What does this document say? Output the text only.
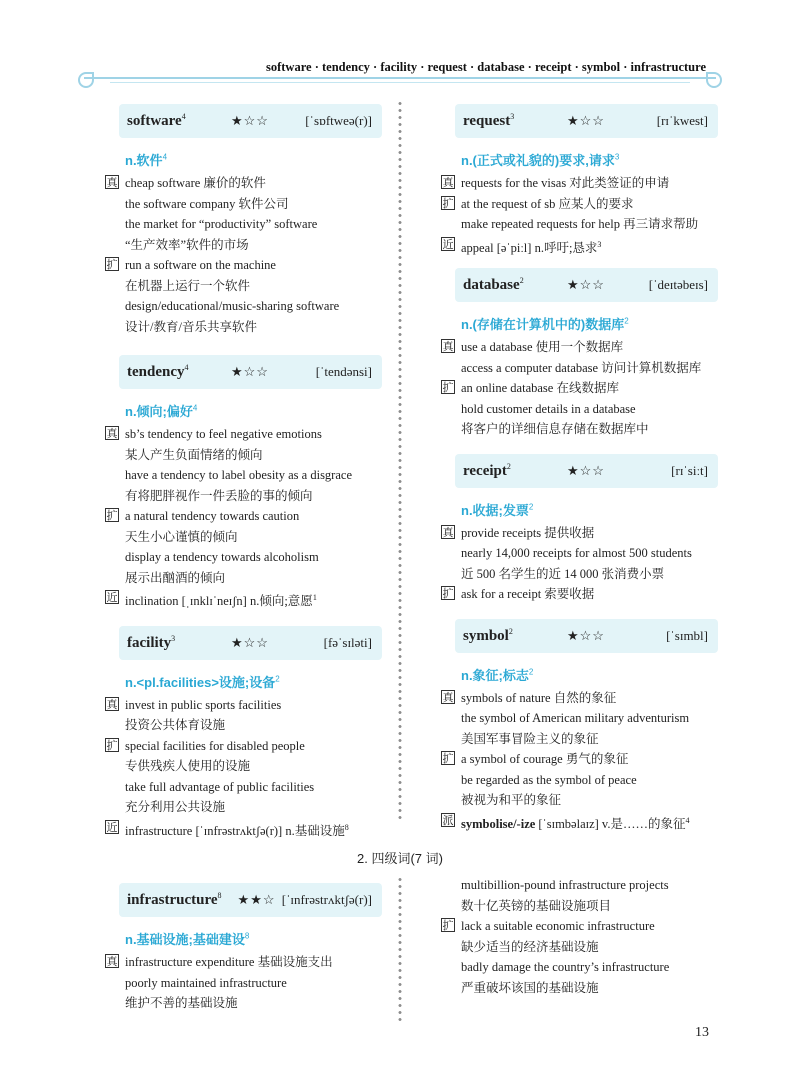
software · tendency · facility · request · database · receipt · symbol · infrastructure
software$^4$	★☆☆	[ˈsɒftweə(r)]
n.软件$^4$
真 cheap software 廉价的软件
the software company 软件公司
the market for “productivity” software
“生产效率”软件的市场
扩 run a software on the machine
在机器上运行一个软件
design/educational/music-sharing software
设计/教育/音乐共享软件
tendency$^4$	★☆☆	[ˈtendənsi]
n.倾向;偏好$^4$
真 sb’s tendency to feel negative emotions
某人产生负面情绪的倾向
have a tendency to label obesity as a disgrace
有将肥胖视作一件丢脸的事的倾向
扩 a natural tendency towards caution
天生小心谨慎的倾向
display a tendency towards alcoholism
展示出酗酒的倾向
近 inclination [ˌɪnklɪˈneɪʃn] n.倾向;意愿$^1$
facility$^3$	★☆☆	[fəˈsɪləti]
n.<pl.facilities>设施;设备$^2$
真 invest in public sports facilities
投资公共体育设施
扩 special facilities for disabled people
专供残疾人使用的设施
take full advantage of public facilities
充分利用公共设施
近 infrastructure [ˈɪnfrəstrʌktʃə(r)] n.基础设施$^8$
request$^3$	★☆☆	[rɪˈkwest]
n.(正式或礼貌的)要求,请求$^3$
真 requests for the visas 对此类签证的申请
扩 at the request of sb 应某人的要求
make repeated requests for help 再三请求帮助
近 appeal [əˈpiːl] n.呼吁;恳求$^3$
database$^2$	★☆☆	[ˈdeɪtəbeɪs]
n.(存储在计算机中的)数据库$^2$
真 use a database 使用一个数据库
access a computer database 访问计算机数据库
扩 an online database 在线数据库
hold customer details in a database
将客户的详细信息存储在数据库中
receipt$^2$	★☆☆	[rɪˈsiːt]
n.收据;发票$^2$
真 provide receipts 提供收据
nearly 14,000 receipts for almost 500 students
近 500 名学生的近 14 000 张消费小票
扩 ask for a receipt 索要收据
symbol$^2$	★☆☆	[ˈsɪmbl]
n.象征;标志$^2$
真 symbols of nature 自然的象征
the symbol of American military adventurism
美国军事冒险主义的象征
扩 a symbol of courage 勇气的象征
be regarded as the symbol of peace
被视为和平的象征
派 symbolise/-ize [ˈsɪmbəlaɪz] v.是……的象征$^4$
2. 四级词(7 词)
infrastructure$^8$ ★★☆ [ˈɪnfrəstrʌktʃə(r)]
n.基础设施;基础建设$^8$
真 infrastructure expenditure 基础设施支出
poorly maintained infrastructure
维护不善的基础设施
multibillion-pound infrastructure projects
数十亿英镑的基础设施项目
扩 lack a suitable economic infrastructure
缺少适当的经济基础设施
badly damage the country’s infrastructure
严重破坏该国的基础设施
13
